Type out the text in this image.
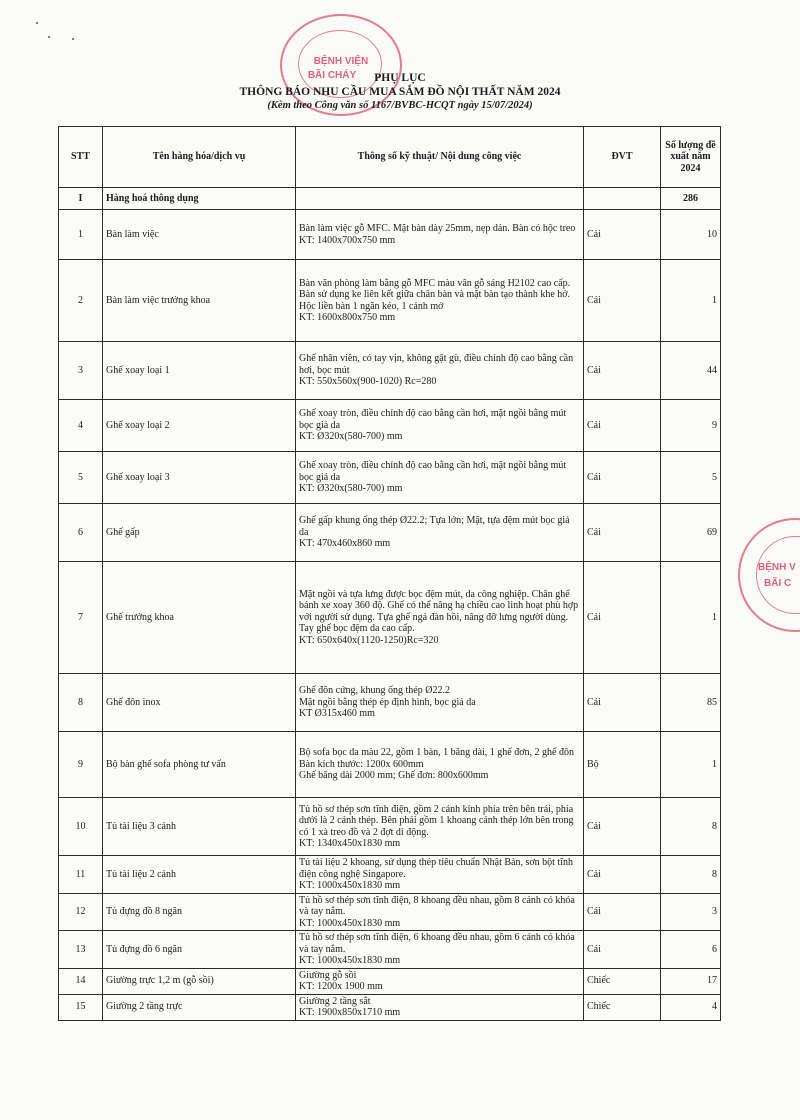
BỆNH VIỆN
BÃI CHÁY
BỆNH V
BÃI C
PHỤ LỤC
THÔNG BÁO NHU CẦU MUA SẮM ĐỒ NỘI THẤT NĂM 2024
(Kèm theo Công văn số 1167/BVBC-HCQT ngày 15/07/2024)
STT	Tên hàng hóa/dịch vụ	Thông số kỹ thuật/ Nội dung công việc	ĐVT	Số lượng đề xuất năm 2024
I	Hàng hoá thông dụng			286
1	Bàn làm việc	Bàn làm việc gỗ MFC. Mặt bàn dày 25mm, nẹp dán. Bàn có hộc treo
KT: 1400x700x750 mm	Cái	10
2	Bàn làm việc trưởng khoa	Bàn văn phòng làm bằng gỗ MFC màu vân gỗ sáng H2102 cao cấp. Bàn sử dụng ke liên kết giữa chân bàn và mặt bàn tạo thành khe hở. Hộc liền bàn 1 ngăn kéo, 1 cánh mở
KT: 1600x800x750 mm	Cái	1
3	Ghế xoay loại 1	Ghế nhân viên, có tay vịn, không gật gù, điều chỉnh độ cao bằng cần hơi, bọc mút
KT: 550x560x(900-1020) Rc=280	Cái	44
4	Ghế xoay loại 2	Ghế xoay tròn, điều chỉnh độ cao bằng cần hơi, mặt ngồi bằng mút bọc giả da
KT: Ø320x(580-700) mm	Cái	9
5	Ghế xoay loại 3	Ghế xoay tròn, điều chỉnh độ cao bằng cần hơi, mặt ngồi bằng mút bọc giả da
KT: Ø320x(580-700) mm	Cái	5
6	Ghế gấp	Ghế gấp khung ống thép Ø22.2; Tựa lớn; Mặt, tựa đệm mút bọc giả da
KT: 470x460x860 mm	Cái	69
7	Ghế trưởng khoa	Mặt ngồi và tựa lưng được bọc đệm mút, da công nghiệp. Chân ghế bánh xe xoay 360 độ. Ghế có thể nâng hạ chiều cao linh hoạt phù hợp với người sử dụng. Tựa ghế ngả đàn hồi, nâng đỡ lưng người dùng. Tay ghế bọc đệm da cao cấp.
KT: 650x640x(1120-1250)Rc=320	Cái	1
8	Ghế đôn inox	Ghế đôn cứng, khung ống thép Ø22.2
Mặt ngồi bằng thép ép định hình, bọc giả da
KT Ø315x460 mm	Cái	85
9	Bộ bàn ghế sofa phòng tư vấn	Bộ sofa bọc da màu 22, gồm 1 bàn, 1 băng dài, 1 ghế đơn, 2 ghế đôn
Bàn kích thước: 1200x 600mm
Ghế băng dài 2000 mm; Ghế đơn: 800x600mm	Bộ	1
10	Tủ tài liệu 3 cánh	Tủ hồ sơ thép sơn tĩnh điện, gồm 2 cánh kính phía trên bên trái, phía dưới là 2 cánh thép. Bên phải gồm 1 khoang cánh thép lớn bên trong có 1 xà treo đồ và 2 đợt di động.
KT: 1340x450x1830 mm	Cái	8
11	Tủ tài liệu 2 cánh	Tủ tài liệu 2 khoang, sử dụng thép tiêu chuẩn Nhật Bản, sơn bột tĩnh điện công nghệ Singapore.
KT: 1000x450x1830 mm	Cái	8
12	Tủ đựng đồ 8 ngăn	Tủ hồ sơ thép sơn tĩnh điện, 8 khoang đều nhau, gồm 8 cánh có khóa và tay nắm.
KT: 1000x450x1830 mm	Cái	3
13	Tủ đựng đồ 6 ngăn	Tủ hồ sơ thép sơn tĩnh điện, 6 khoang đều nhau, gồm 6 cánh có khóa và tay nắm.
KT: 1000x450x1830 mm	Cái	6
14	Giường trực 1,2 m (gỗ sồi)	Giường gỗ sồi
KT: 1200x 1900 mm	Chiếc	17
15	Giường 2 tầng trực	Giường 2 tầng sắt
KT: 1900x850x1710 mm	Chiếc	4
